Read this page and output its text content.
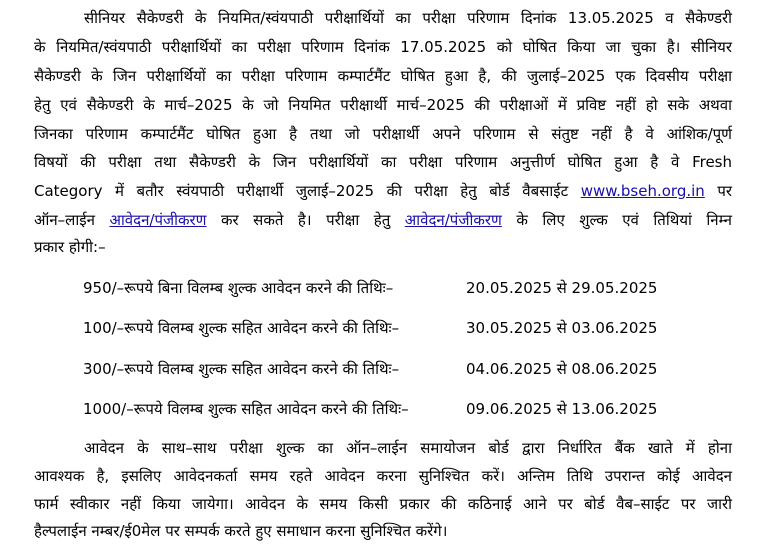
सीनियर सैकेण्डरी के नियमित/स्वंयपाठी परीक्षार्थियों का परीक्षा परिणाम दिनांक 13.05.2025 व सैकेण्डरी
के नियमित/स्वंयपाठी परीक्षार्थियों का परीक्षा परिणाम दिनांक 17.05.2025 को घोषित किया जा चुका है। सीनियर
सैकेण्डरी के जिन परीक्षार्थियों का परीक्षा परिणाम कम्पार्टमैंट घोषित हुआ है, की जुलाई–2025 एक दिवसीय परीक्षा
हेतु एवं सैकेण्डरी के मार्च–2025 के जो नियमित परीक्षार्थी मार्च–2025 की परीक्षाओं में प्रविष्ट नहीं हो सके अथवा
जिनका परिणाम कम्पार्टमैंट घोषित हुआ है तथा जो परीक्षार्थी अपने परिणाम से संतुष्ट नहीं है वे आंशिक/पूर्ण
विषयों की परीक्षा तथा सैकेण्डरी के जिन परीक्षार्थियों का परीक्षा परिणाम अनुत्तीर्ण घोषित हुआ है वे Fresh
Category में बतौर स्वंयपाठी परीक्षार्थी जुलाई–2025 की परीक्षा हेतु बोर्ड वैबसाईट www.bseh.org.in पर
ऑन–लाईन आवेदन/पंजीकरण कर सकते है। परीक्षा हेतु आवेदन/पंजीकरण के लिए शुल्क एवं तिथियां निम्न
प्रकार होगी:–
950/–रूपये बिना विलम्ब शुल्क आवेदन करने की तिथिः–	20.05.2025 से 29.05.2025
100/–रूपये विलम्ब शुल्क सहित आवेदन करने की तिथिः–	30.05.2025 से 03.06.2025
300/–रूपये विलम्ब शुल्क सहित आवेदन करने की तिथिः–	04.06.2025 से 08.06.2025
1000/–रूपये विलम्ब शुल्क सहित आवेदन करने की तिथिः–	09.06.2025 से 13.06.2025
आवेदन के साथ–साथ परीक्षा शुल्क का ऑन–लाईन समायोजन बोर्ड द्वारा निर्धारित बैंक खाते में होना
आवश्यक है, इसलिए आवेदनकर्ता समय रहते आवेदन करना सुनिश्चित करें। अन्तिम तिथि उपरान्त कोई आवेदन
फार्म स्वीकार नहीं किया जायेगा। आवेदन के समय किसी प्रकार की कठिनाई आने पर बोर्ड वैब–साईट पर जारी
हैल्पलाईन नम्बर/ई0मेल पर सम्पर्क करते हुए समाधान करना सुनिश्चित करेंगे।
